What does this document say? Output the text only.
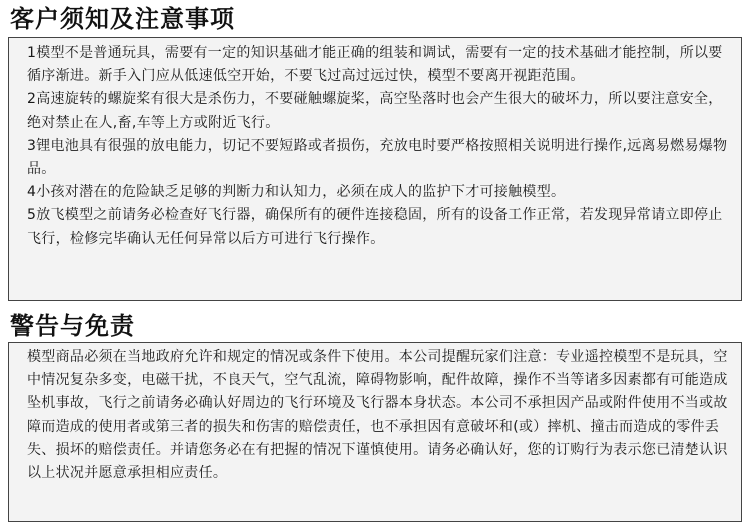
客户须知及注意事项

1模型不是普通玩具，需要有一定的知识基础才能正确的组装和调试，需要有一定的技术基础才能控制，所以要循序渐进。新手入门应从低速低空开始，不要飞过高过远过快，模型不要离开视距范围。

2高速旋转的螺旋桨有很大是杀伤力，不要碰触螺旋桨，高空坠落时也会产生很大的破坏力，所以要注意安全，绝对禁止在人,畜,车等上方或附近飞行。

3锂电池具有很强的放电能力，切记不要短路或者损伤，充放电时要严格按照相关说明进行操作,远离易燃易爆物品。

4小孩对潜在的危险缺乏足够的判断力和认知力，必须在成人的监护下才可接触模型。

5放飞模型之前请务必检查好飞行器，确保所有的硬件连接稳固，所有的设备工作正常，若发现异常请立即停止飞行，检修完毕确认无任何异常以后方可进行飞行操作。

警告与免责

模型商品必须在当地政府允许和规定的情况或条件下使用。本公司提醒玩家们注意：专业遥控模型不是玩具，空中情况复杂多变，电磁干扰，不良天气，空气乱流，障碍物影响，配件故障，操作不当等诸多因素都有可能造成坠机事故，飞行之前请务必确认好周边的飞行环境及飞行器本身状态。本公司不承担因产品或附件使用不当或故障而造成的使用者或第三者的损失和伤害的赔偿责任，也不承担因有意破坏和(或）摔机、撞击而造成的零件丢失、损坏的赔偿责任。并请您务必在有把握的情况下谨慎使用。请务必确认好，您的订购行为表示您已清楚认识以上状况并愿意承担相应责任。
